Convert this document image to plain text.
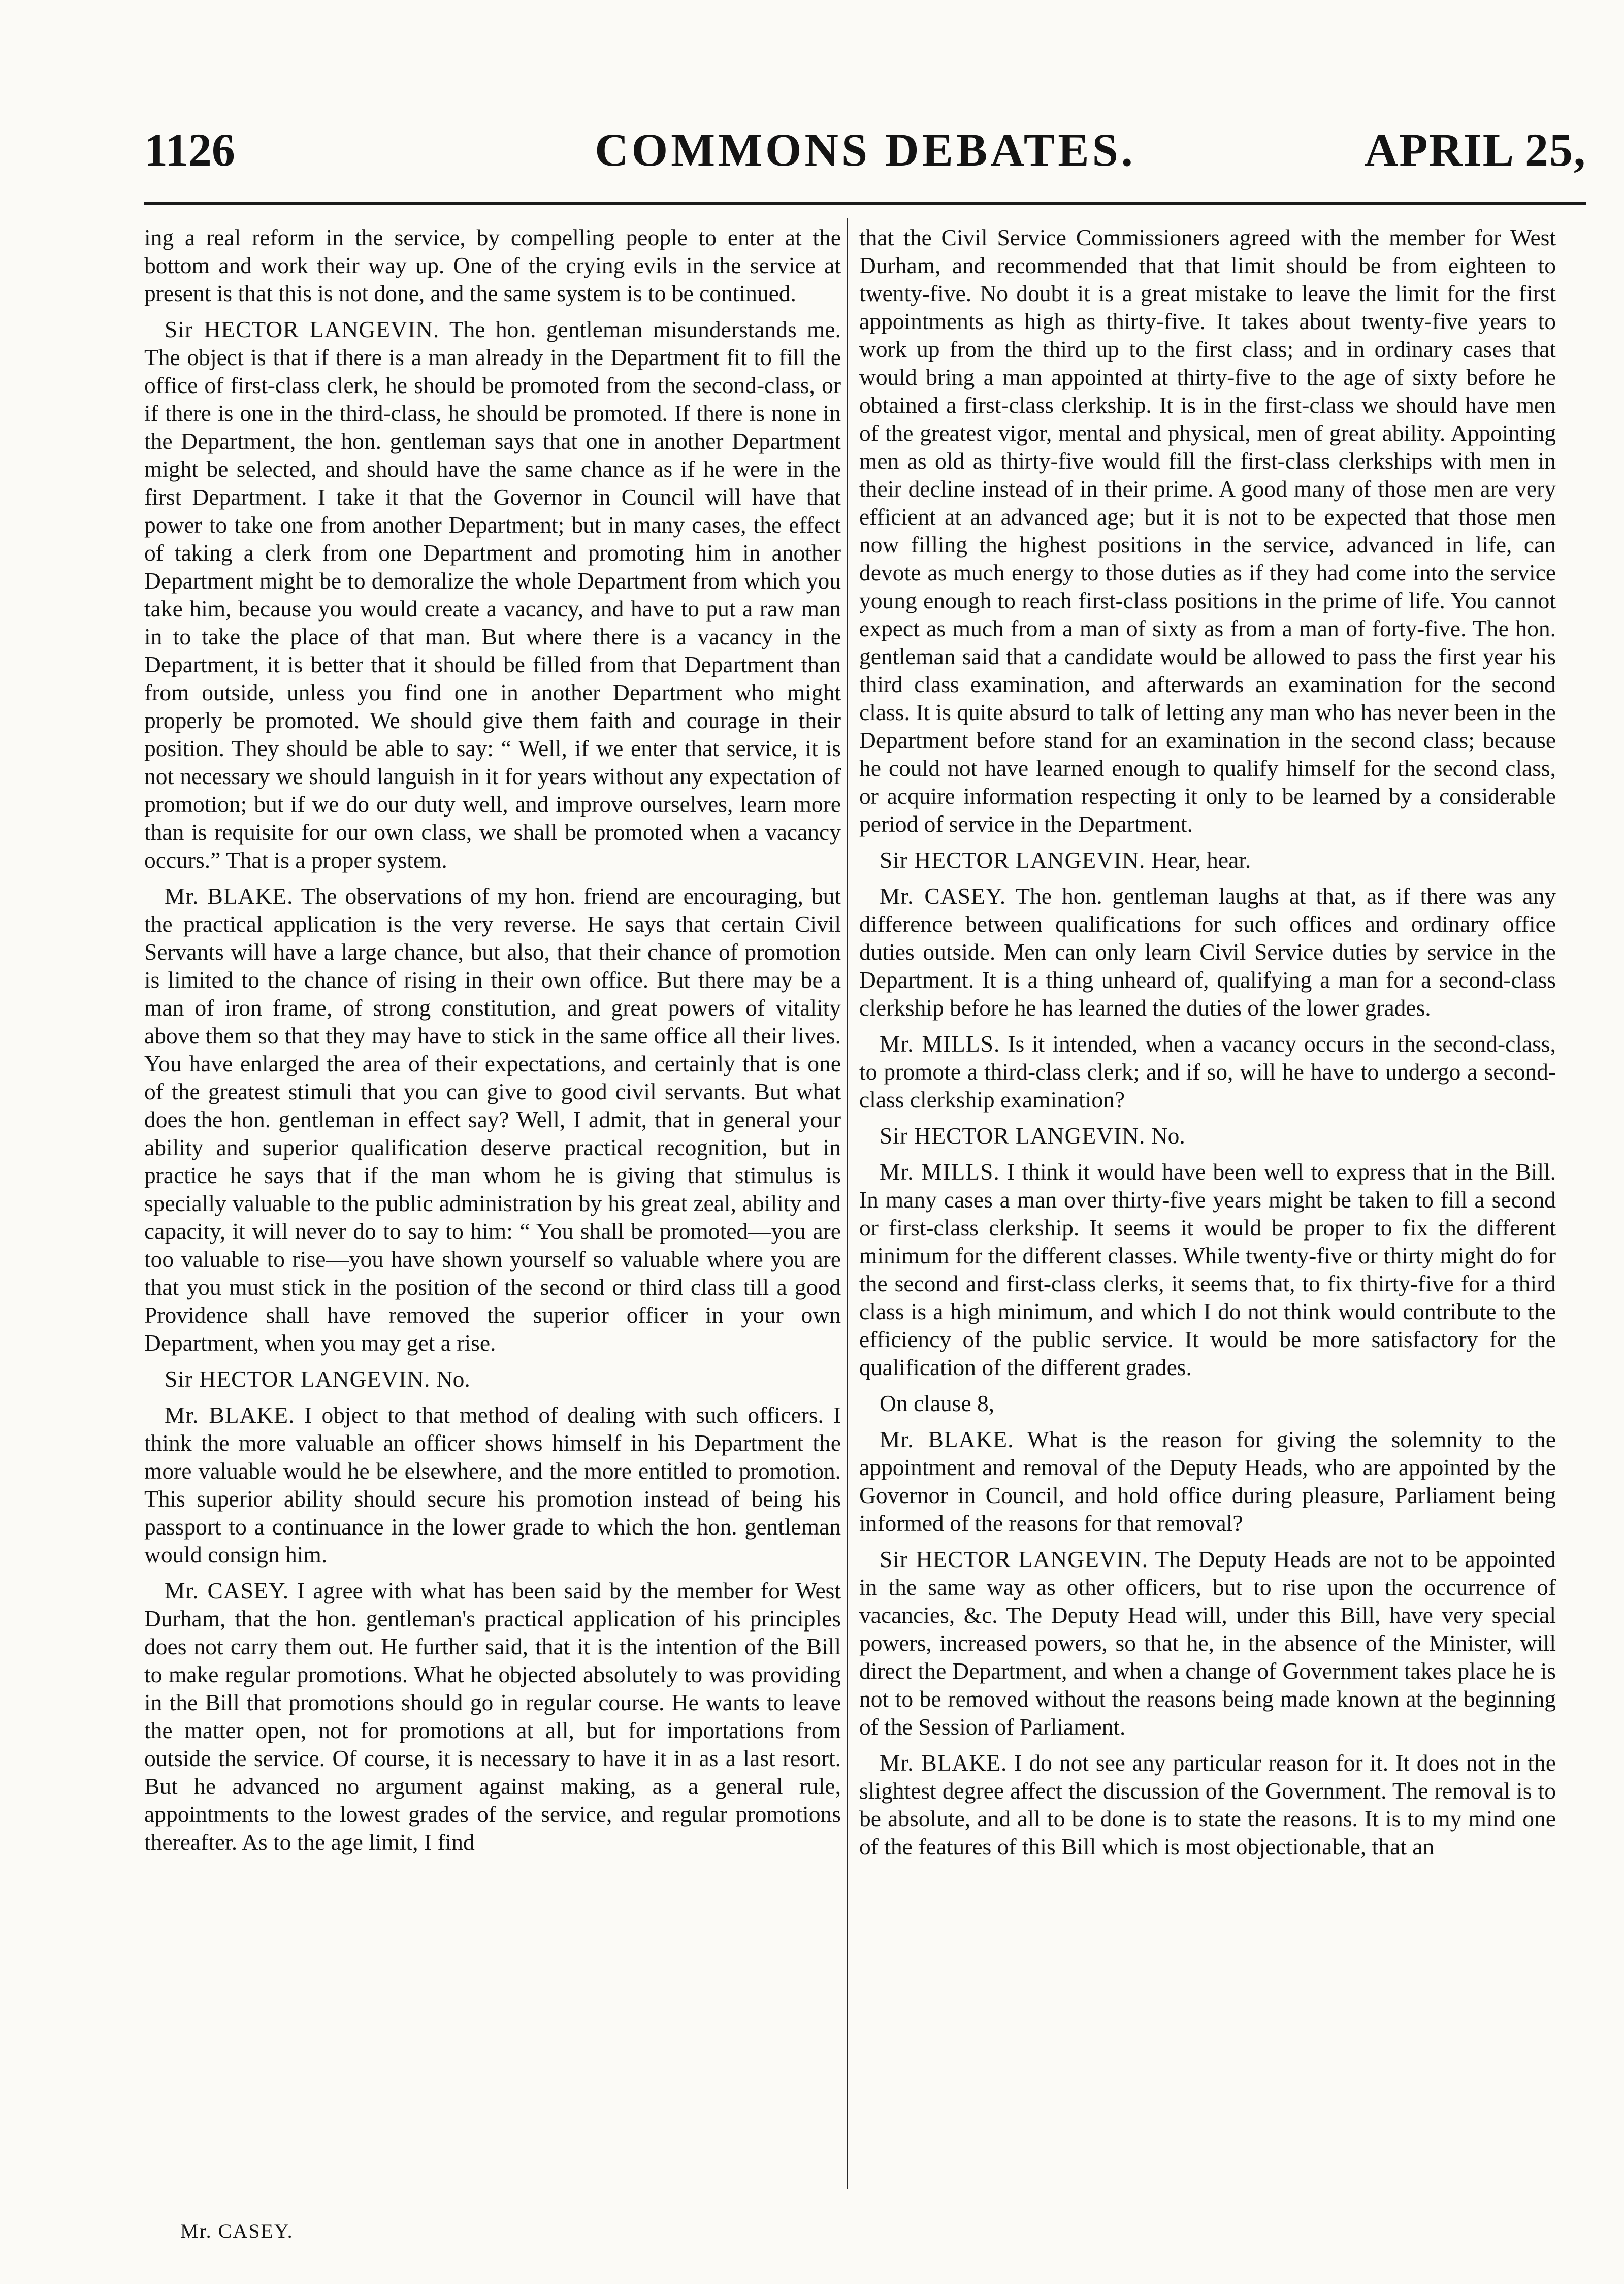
1126	COMMONS DEBATES.	APRIL 25,

ing a real reform in the service, by compelling people to enter at the bottom and work their way up. One of the crying evils in the service at present is that this is not done, and the same system is to be continued.

Sir HECTOR LANGEVIN. The hon. gentleman misunderstands me. The object is that if there is a man already in the Department fit to fill the office of first-class clerk, he should be promoted from the second-class, or if there is one in the third-class, he should be promoted. If there is none in the Department, the hon. gentleman says that one in another Department might be selected, and should have the same chance as if he were in the first Department. I take it that the Governor in Council will have that power to take one from another Department; but in many cases, the effect of taking a clerk from one Department and promoting him in another Department might be to demoralize the whole Department from which you take him, because you would create a vacancy, and have to put a raw man in to take the place of that man. But where there is a vacancy in the Department, it is better that it should be filled from that Department than from outside, unless you find one in another Department who might properly be promoted. We should give them faith and courage in their position. They should be able to say: “ Well, if we enter that service, it is not necessary we should languish in it for years without any expectation of promotion; but if we do our duty well, and improve ourselves, learn more than is requisite for our own class, we shall be promoted when a vacancy occurs.” That is a proper system.

Mr. BLAKE. The observations of my hon. friend are encouraging, but the practical application is the very reverse. He says that certain Civil Servants will have a large chance, but also, that their chance of promotion is limited to the chance of rising in their own office. But there may be a man of iron frame, of strong constitution, and great powers of vitality above them so that they may have to stick in the same office all their lives. You have enlarged the area of their expectations, and certainly that is one of the greatest stimuli that you can give to good civil servants. But what does the hon. gentleman in effect say? Well, I admit, that in general your ability and superior qualification deserve practical recognition, but in practice he says that if the man whom he is giving that stimulus is specially valuable to the public administration by his great zeal, ability and capacity, it will never do to say to him: “ You shall be promoted—you are too valuable to rise—you have shown yourself so valuable where you are that you must stick in the position of the second or third class till a good Providence shall have removed the superior officer in your own Department, when you may get a rise.

Sir HECTOR LANGEVIN. No.

Mr. BLAKE. I object to that method of dealing with such officers. I think the more valuable an officer shows himself in his Department the more valuable would he be elsewhere, and the more entitled to promotion. This superior ability should secure his promotion instead of being his passport to a continuance in the lower grade to which the hon. gentleman would consign him.

Mr. CASEY. I agree with what has been said by the member for West Durham, that the hon. gentleman's practical application of his principles does not carry them out. He further said, that it is the intention of the Bill to make regular promotions. What he objected absolutely to was providing in the Bill that promotions should go in regular course. He wants to leave the matter open, not for promotions at all, but for importations from outside the service. Of course, it is necessary to have it in as a last resort. But he advanced no argument against making, as a general rule, appointments to the lowest grades of the service, and regular promotions thereafter. As to the age limit, I find

that the Civil Service Commissioners agreed with the member for West Durham, and recommended that that limit should be from eighteen to twenty-five. No doubt it is a great mistake to leave the limit for the first appointments as high as thirty-five. It takes about twenty-five years to work up from the third up to the first class; and in ordinary cases that would bring a man appointed at thirty-five to the age of sixty before he obtained a first-class clerkship. It is in the first-class we should have men of the greatest vigor, mental and physical, men of great ability. Appointing men as old as thirty-five would fill the first-class clerkships with men in their decline instead of in their prime. A good many of those men are very efficient at an advanced age; but it is not to be expected that those men now filling the highest positions in the service, advanced in life, can devote as much energy to those duties as if they had come into the service young enough to reach first-class positions in the prime of life. You cannot expect as much from a man of sixty as from a man of forty-five. The hon. gentleman said that a candidate would be allowed to pass the first year his third class examination, and afterwards an examination for the second class. It is quite absurd to talk of letting any man who has never been in the Department before stand for an examination in the second class; because he could not have learned enough to qualify himself for the second class, or acquire information respecting it only to be learned by a considerable period of service in the Department.

Sir HECTOR LANGEVIN. Hear, hear.

Mr. CASEY. The hon. gentleman laughs at that, as if there was any difference between qualifications for such offices and ordinary office duties outside. Men can only learn Civil Service duties by service in the Department. It is a thing unheard of, qualifying a man for a second-class clerkship before he has learned the duties of the lower grades.

Mr. MILLS. Is it intended, when a vacancy occurs in the second-class, to promote a third-class clerk; and if so, will he have to undergo a second-class clerkship examination?

Sir HECTOR LANGEVIN. No.

Mr. MILLS. I think it would have been well to express that in the Bill. In many cases a man over thirty-five years might be taken to fill a second or first-class clerkship. It seems it would be proper to fix the different minimum for the different classes. While twenty-five or thirty might do for the second and first-class clerks, it seems that, to fix thirty-five for a third class is a high minimum, and which I do not think would contribute to the efficiency of the public service. It would be more satisfactory for the qualification of the different grades.

On clause 8,

Mr. BLAKE. What is the reason for giving the solemnity to the appointment and removal of the Deputy Heads, who are appointed by the Governor in Council, and hold office during pleasure, Parliament being informed of the reasons for that removal?

Sir HECTOR LANGEVIN. The Deputy Heads are not to be appointed in the same way as other officers, but to rise upon the occurrence of vacancies, &c. The Deputy Head will, under this Bill, have very special powers, increased powers, so that he, in the absence of the Minister, will direct the Department, and when a change of Government takes place he is not to be removed without the reasons being made known at the beginning of the Session of Parliament.

Mr. BLAKE. I do not see any particular reason for it. It does not in the slightest degree affect the discussion of the Government. The removal is to be absolute, and all to be done is to state the reasons. It is to my mind one of the features of this Bill which is most objectionable, that an

Mr. CASEY.
